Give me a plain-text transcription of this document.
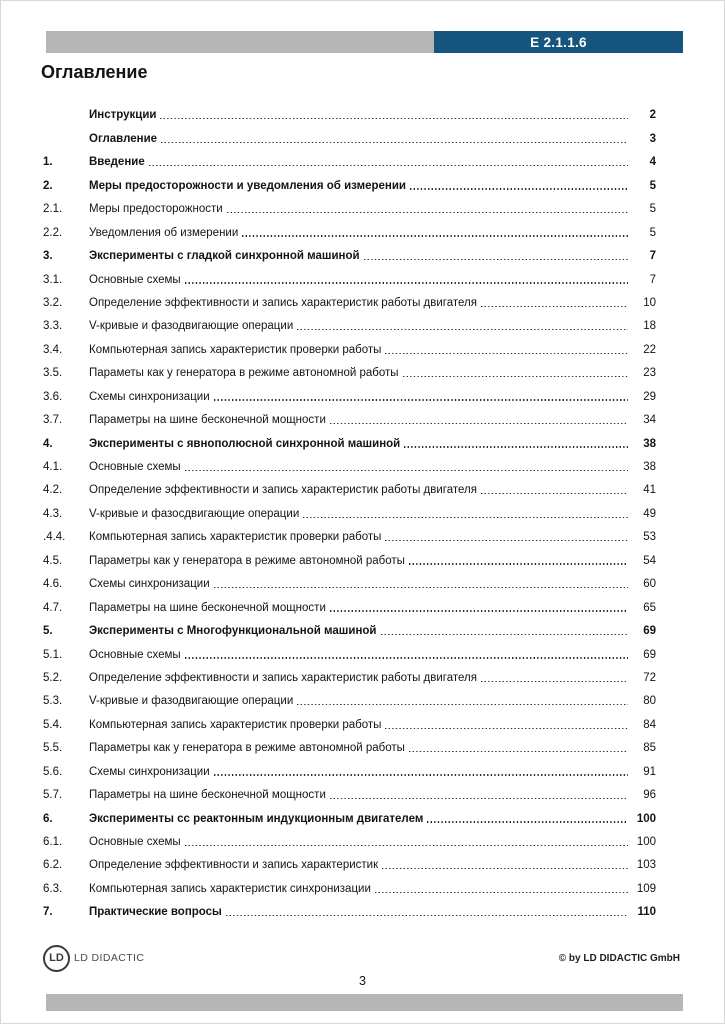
E 2.1.1.6
Оглавление
Инструкции	2
Оглавление	3
1.	Введение	4
2.	Меры предосторожности и уведомления об измерении	5
2.1.	Меры предосторожности	5
2.2.	Уведомления об измерении	5
3.	Эксперименты с гладкой синхронной машиной	7
3.1.	Основные схемы	7
3.2.	Определение эффективности и запись характеристик работы двигателя	10
3.3.	V-кривые и фазодвигающие операции	18
3.4.	Компьютерная запись характеристик проверки работы	22
3.5.	Параметы как у генератора в режиме автономной работы	23
3.6.	Схемы синхронизации	29
3.7.	Параметры на шине бесконечной мощности	34
4.	Эксперименты с явнополюсной синхронной машиной	38
4.1.	Основные схемы	38
4.2.	Определение эффективности и запись характеристик работы двигателя	41
4.3.	V-кривые и фазосдвигающие операции	49
.4.4.	Компьютерная запись характеристик проверки работы	53
4.5.	Параметры как у генератора в режиме автономной работы	54
4.6.	Схемы синхронизации	60
4.7.	Параметры на шине бесконечной мощности	65
5.	Эксперименты с Многофункциональной машиной	69
5.1.	Основные схемы	69
5.2.	Определение эффективности и запись характеристик работы двигателя	72
5.3.	V-кривые и фазодвигающие операции	80
5.4.	Компьютерная запись характеристик проверки работы	84
5.5.	Параметры как у генератора в режиме автономной работы	85
5.6.	Схемы синхронизации	91
5.7.	Параметры на шине бесконечной мощности	96
6.	Эксперименты сс реактонным индукционным двигателем	100
6.1.	Основные схемы	100
6.2.	Определение эффективности и запись характеристик	103
6.3.	Компьютерная запись характеристик синхронизации	109
7.	Практические вопросы	110
LD LD DIDACTIC	© by LD DIDACTIC GmbH
3
